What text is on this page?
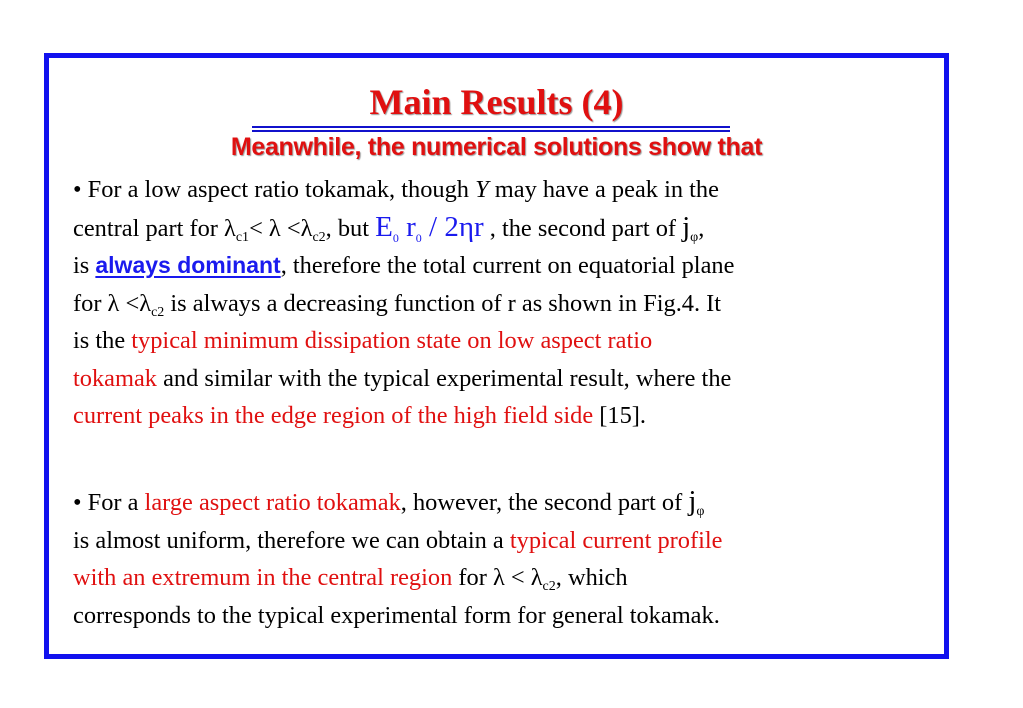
Main Results (4)
Meanwhile, the numerical solutions show that
• For a low aspect ratio tokamak, though Y may have a peak in the
central part for $\lambda_{c1}< \lambda <\lambda_{c2}$, but $E_0$ $r_0 / 2\eta r$ , the second part of $j_\varphi$,
is always dominant, therefore the total current on equatorial plane
for $\lambda <\lambda_{c2}$ is always a decreasing function of r as shown in Fig.4. It
is the typical minimum dissipation state on low aspect ratio
tokamak and similar with the typical experimental result, where the
current peaks in the edge region of the high field side [15].
• For a large aspect ratio tokamak, however, the second part of $j_\varphi$
is almost uniform, therefore we can obtain a typical current profile
with an extremum in the central region for $\lambda < \lambda_{c2}$, which
corresponds to the typical experimental form for general tokamak.
